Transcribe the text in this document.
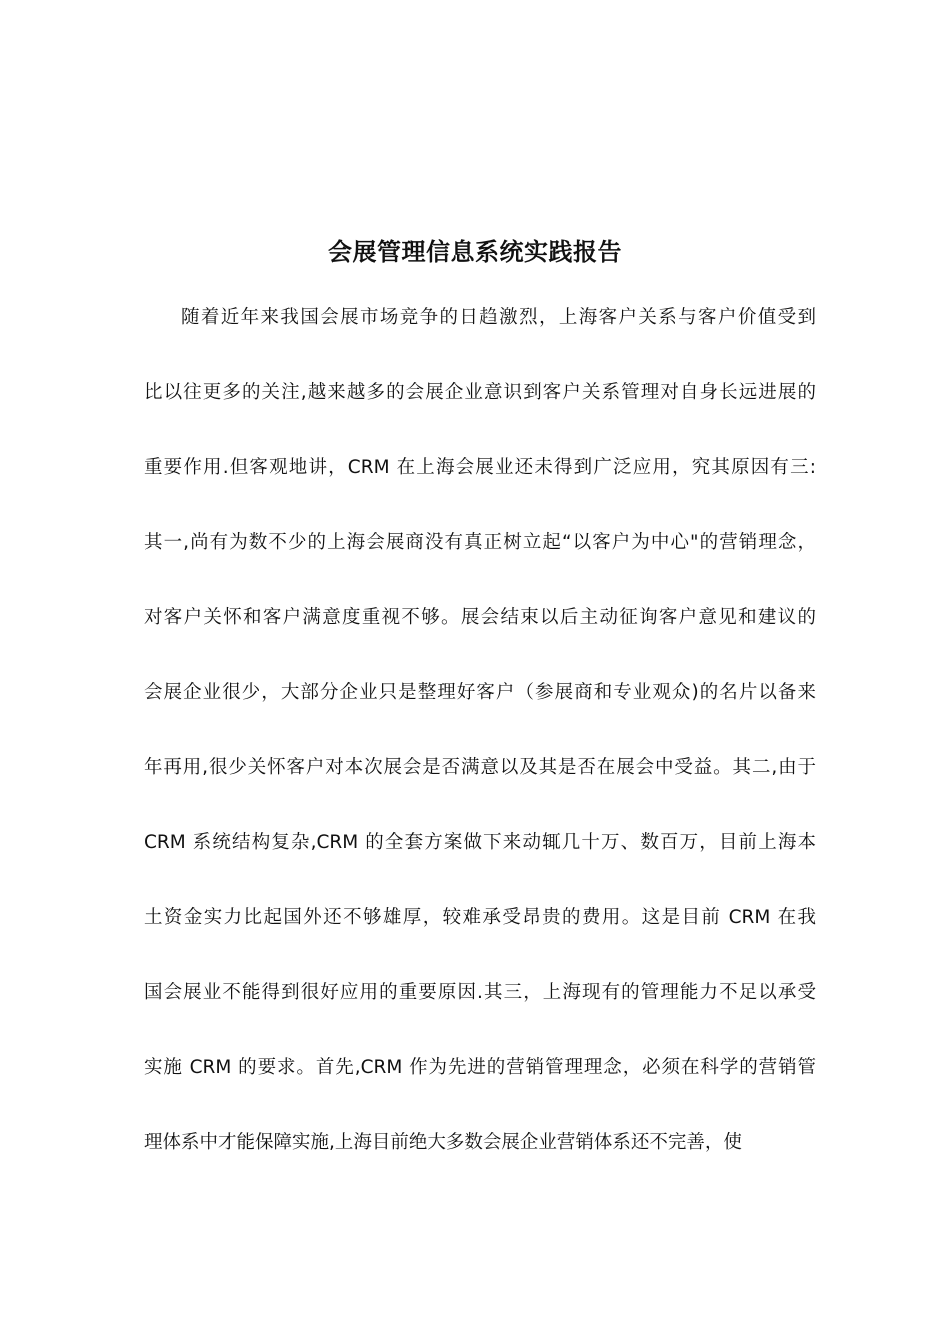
会展管理信息系统实践报告
随着近年来我国会展市场竞争的日趋激烈，上海客户关系与客户价值受到
比以往更多的关注,越来越多的会展企业意识到客户关系管理对自身长远进展的
重要作用.但客观地讲，CRM 在上海会展业还未得到广泛应用，究其原因有三:
其一,尚有为数不少的上海会展商没有真正树立起“以客户为中心"的营销理念，
对客户关怀和客户满意度重视不够。展会结束以后主动征询客户意见和建议的
会展企业很少，大部分企业只是整理好客户（参展商和专业观众)的名片以备来
年再用,很少关怀客户对本次展会是否满意以及其是否在展会中受益。其二,由于
CRM 系统结构复杂,CRM 的全套方案做下来动辄几十万、数百万，目前上海本
土资金实力比起国外还不够雄厚，较难承受昂贵的费用。这是目前 CRM 在我
国会展业不能得到很好应用的重要原因.其三，上海现有的管理能力不足以承受
实施 CRM 的要求。首先,CRM 作为先进的营销管理理念，必须在科学的营销管
理体系中才能保障实施,上海目前绝大多数会展企业营销体系还不完善，使
